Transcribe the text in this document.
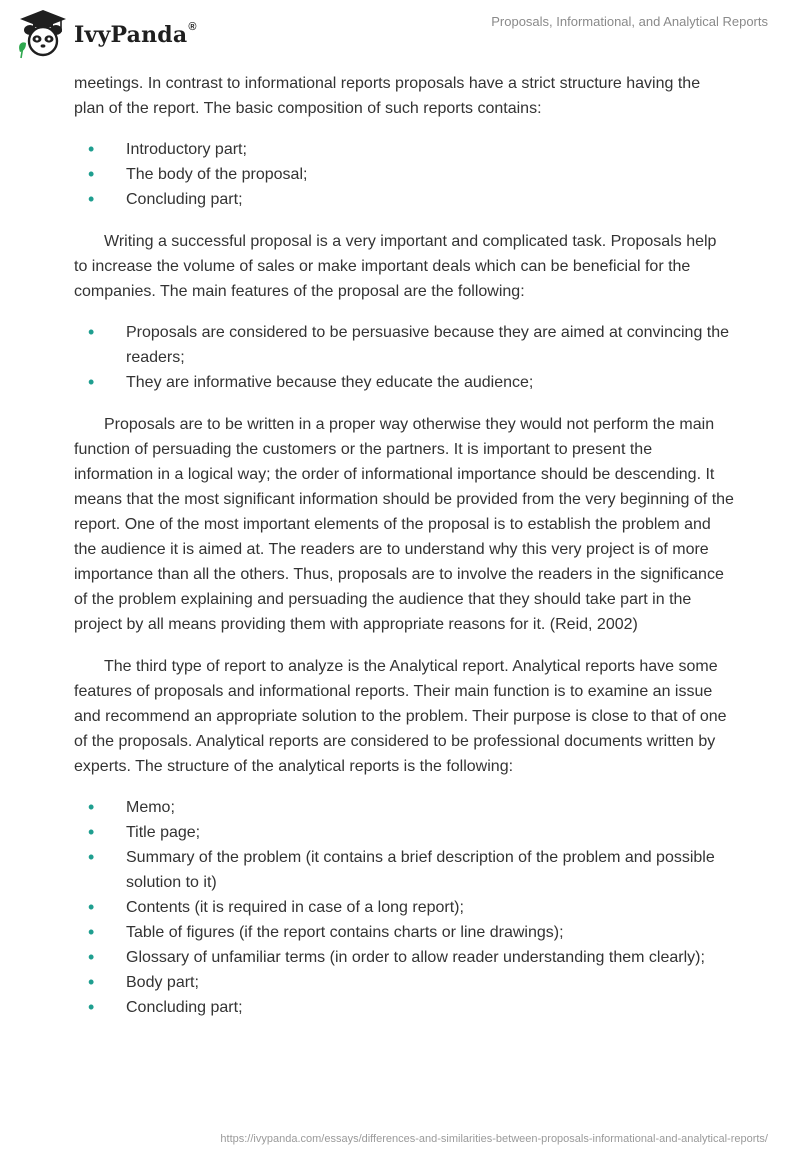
IvyPanda®	Proposals, Informational, and Analytical Reports

meetings. In contrast to informational reports proposals have a strict structure having the plan of the report. The basic composition of such reports contains:

• Introductory part;
• The body of the proposal;
• Concluding part;

Writing a successful proposal is a very important and complicated task. Proposals help to increase the volume of sales or make important deals which can be beneficial for the companies. The main features of the proposal are the following:

• Proposals are considered to be persuasive because they are aimed at convincing the readers;
• They are informative because they educate the audience;

Proposals are to be written in a proper way otherwise they would not perform the main function of persuading the customers or the partners. It is important to present the information in a logical way; the order of informational importance should be descending. It means that the most significant information should be provided from the very beginning of the report. One of the most important elements of the proposal is to establish the problem and the audience it is aimed at. The readers are to understand why this very project is of more importance than all the others. Thus, proposals are to involve the readers in the significance of the problem explaining and persuading the audience that they should take part in the project by all means providing them with appropriate reasons for it. (Reid, 2002)

The third type of report to analyze is the Analytical report. Analytical reports have some features of proposals and informational reports. Their main function is to examine an issue and recommend an appropriate solution to the problem. Their purpose is close to that of one of the proposals. Analytical reports are considered to be professional documents written by experts. The structure of the analytical reports is the following:

• Memo;
• Title page;
• Summary of the problem (it contains a brief description of the problem and possible solution to it)
• Contents (it is required in case of a long report);
• Table of figures (if the report contains charts or line drawings);
• Glossary of unfamiliar terms (in order to allow reader understanding them clearly);
• Body part;
• Concluding part;
https://ivypanda.com/essays/differences-and-similarities-between-proposals-informational-and-analytical-reports/
